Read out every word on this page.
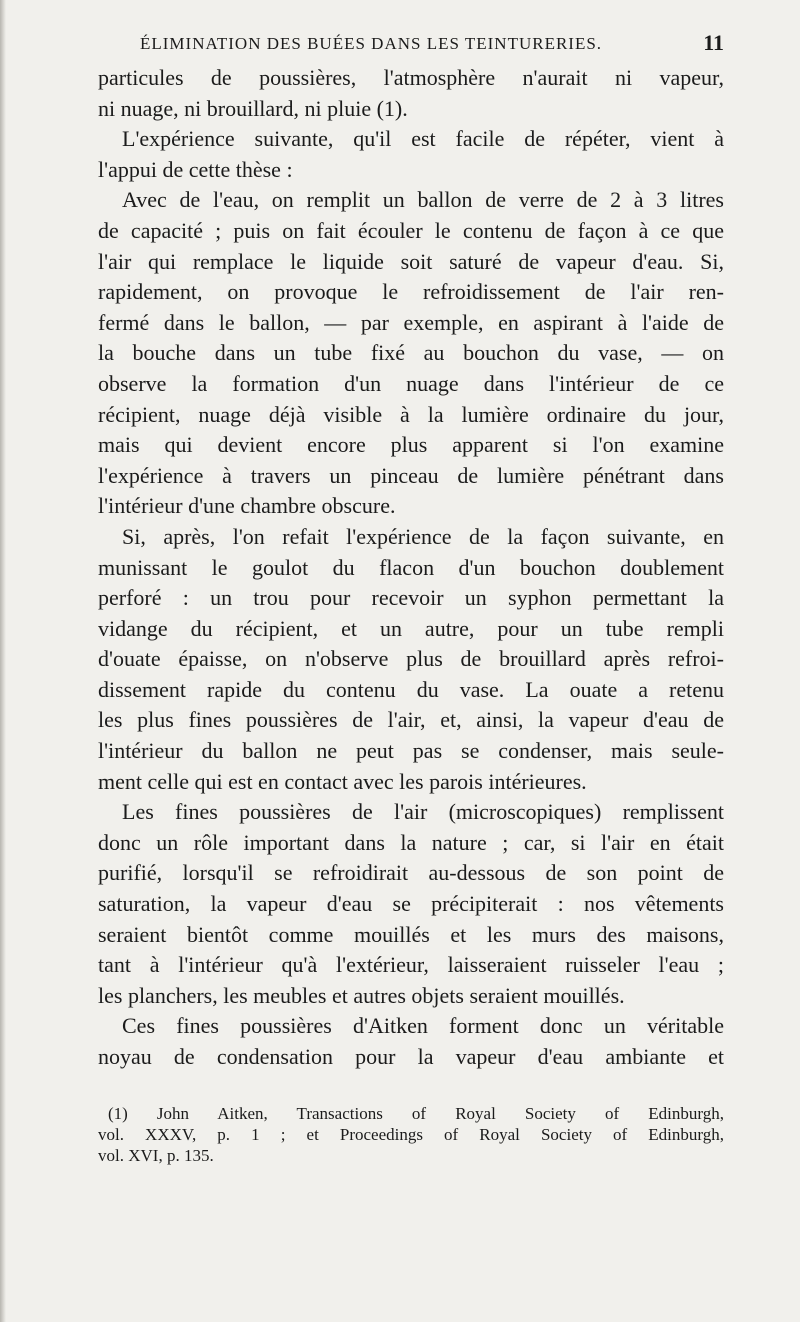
ÉLIMINATION DES BUÉES DANS LES TEINTURERIES.	11
particules de poussières, l'atmosphère n'aurait ni vapeur,
ni nuage, ni brouillard, ni pluie (1).
L'expérience suivante, qu'il est facile de répéter, vient à
l'appui de cette thèse :
Avec de l'eau, on remplit un ballon de verre de 2 à 3 litres
de capacité ; puis on fait écouler le contenu de façon à ce que
l'air qui remplace le liquide soit saturé de vapeur d'eau. Si,
rapidement, on provoque le refroidissement de l'air ren-
fermé dans le ballon, — par exemple, en aspirant à l'aide de
la bouche dans un tube fixé au bouchon du vase, — on
observe la formation d'un nuage dans l'intérieur de ce
récipient, nuage déjà visible à la lumière ordinaire du jour,
mais qui devient encore plus apparent si l'on examine
l'expérience à travers un pinceau de lumière pénétrant dans
l'intérieur d'une chambre obscure.
Si, après, l'on refait l'expérience de la façon suivante, en
munissant le goulot du flacon d'un bouchon doublement
perforé : un trou pour recevoir un syphon permettant la
vidange du récipient, et un autre, pour un tube rempli
d'ouate épaisse, on n'observe plus de brouillard après refroi-
dissement rapide du contenu du vase. La ouate a retenu
les plus fines poussières de l'air, et, ainsi, la vapeur d'eau de
l'intérieur du ballon ne peut pas se condenser, mais seule-
ment celle qui est en contact avec les parois intérieures.
Les fines poussières de l'air (microscopiques) remplissent
donc un rôle important dans la nature ; car, si l'air en était
purifié, lorsqu'il se refroidirait au-dessous de son point de
saturation, la vapeur d'eau se précipiterait : nos vêtements
seraient bientôt comme mouillés et les murs des maisons,
tant à l'intérieur qu'à l'extérieur, laisseraient ruisseler l'eau ;
les planchers, les meubles et autres objets seraient mouillés.
Ces fines poussières d'Aitken forment donc un véritable
noyau de condensation pour la vapeur d'eau ambiante et
(1) John Aitken, Transactions of Royal Society of Edinburgh,
vol. XXXV, p. 1 ; et Proceedings of Royal Society of Edinburgh,
vol. XVI, p. 135.
